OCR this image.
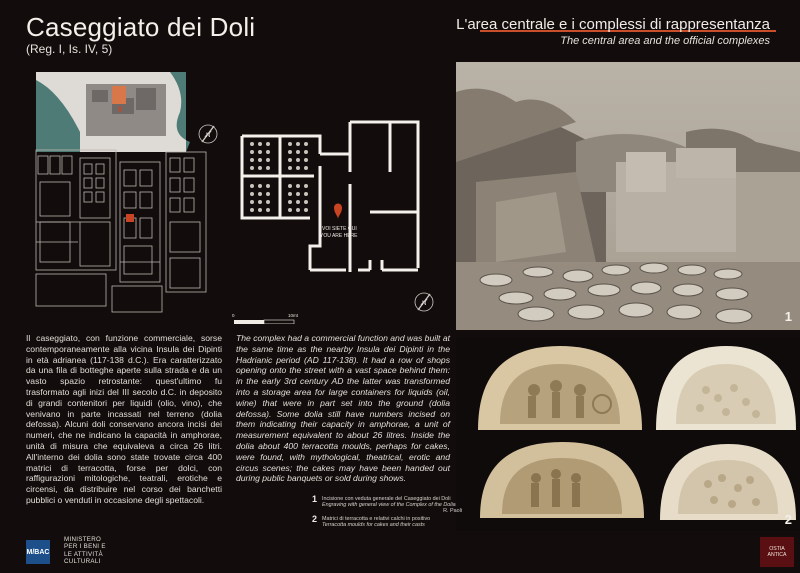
Caseggiato dei Doli
(Reg. I, Is. IV, 5)
L'area centrale e i complessi di rappresentanza
The central area and the official complexes
N
VOI SIETE QUI
YOU ARE HERE
N
0	10mt	1
2
Il caseggiato, con funzione commerciale, sorse contemporaneamente alla vicina Insula dei Dipinti in età adrianea (117-138 d.C.). Era caratterizzato da una fila di botteghe aperte sulla strada e da un vasto spazio retrostante: quest'ultimo fu trasformato agli inizi del III secolo d.C. in deposito di grandi contenitori per liquidi (olio, vino), che venivano in parte incassati nel terreno (dolia defossa). Alcuni doli conservano ancora incisi dei numeri, che ne indicano la capacità in amphorae, unità di misura che equivaleva a circa 26 litri. All'interno dei dolia sono state trovate circa 400 matrici di terracotta, forse per dolci, con raffigurazioni mitologiche, teatrali, erotiche e circensi, da distribuire nel corso dei banchetti pubblici o venduti in occasione degli spettacoli.
The complex had a commercial function and was built at the same time as the nearby Insula dei Dipinti in the Hadrianic period (AD 117-138). It had a row of shops opening onto the street with a vast space behind them: in the early 3rd century AD the latter was transformed into a storage area for large containers for liquids (oil, wine) that were in part set into the ground (dolia defossa). Some dolia still have numbers incised on them indicating their capacity in amphorae, a unit of measurement equivalent to about 26 litres. Inside the dolia about 400 terracotta moulds, perhaps for cakes, were found, with mythological, theatrical, erotic and circus scenes; the cakes may have been handed out during public banquets or sold during shows.
1 Incisione con veduta generale del Caseggiato dei Doli
Engraving with general view of the Complex of the Dolia
R. Paoli
2 Matrici di terracotta e relativi calchi in positivo
Terracotta moulds for cakes and their casts
M/BAC
MINISTERO
PER I BENI E
LE ATTIVITÀ
CULTURALI
OSTIA
ANTICA
